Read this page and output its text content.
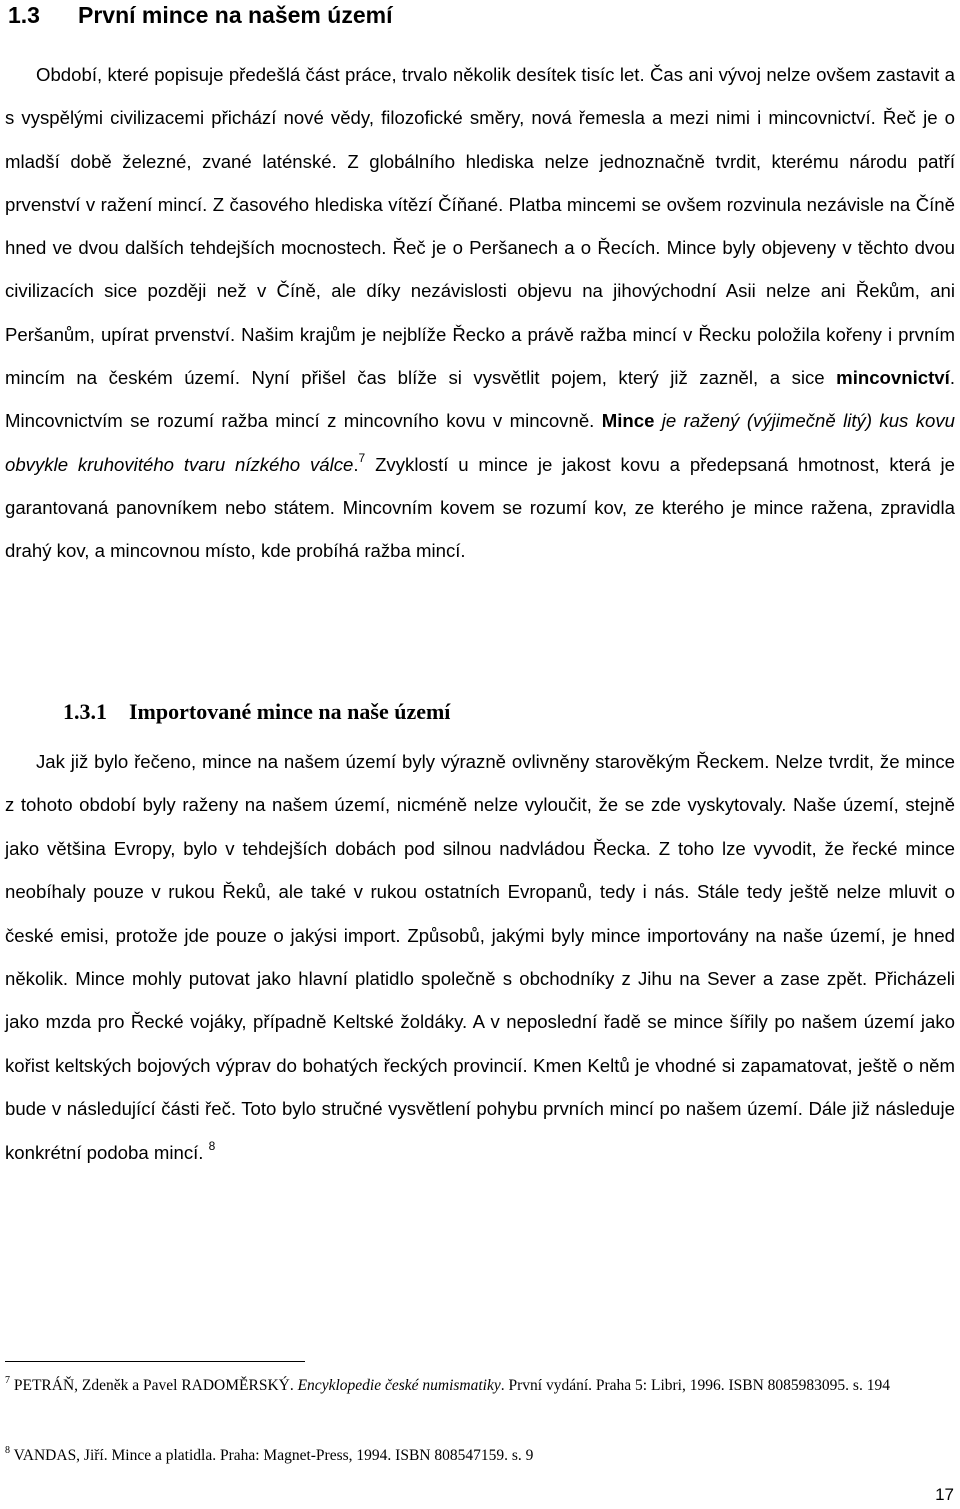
1.3 První mince na našem území

Období, které popisuje předešlá část práce, trvalo několik desítek tisíc let. Čas ani vývoj nelze ovšem zastavit a s vyspělými civilizacemi přichází nové vědy, filozofické směry, nová řemesla a mezi nimi i mincovnictví. Řeč je o mladší době železné, zvané laténské. Z globálního hlediska nelze jednoznačně tvrdit, kterému národu patří prvenství v ražení mincí. Z časového hlediska vítězí Číňané. Platba mincemi se ovšem rozvinula nezávisle na Číně hned ve dvou dalších tehdejších mocnostech. Řeč je o Peršanech a o Řecích. Mince byly objeveny v těchto dvou civilizacích sice později než v Číně, ale díky nezávislosti objevu na jihovýchodní Asii nelze ani Řekům, ani Peršanům, upírat prvenství. Našim krajům je nejblíže Řecko a právě ražba mincí v Řecku položila kořeny i prvním mincím na českém území. Nyní přišel čas blíže si vysvětlit pojem, který již zazněl, a sice mincovnictví. Mincovnictvím se rozumí ražba mincí z mincovního kovu v mincovně. Mince je ražený (výjimečně litý) kus kovu obvykle kruhovitého tvaru nízkého válce.$^7$ Zvyklostí u mince je jakost kovu a předepsaná hmotnost, která je garantovaná panovníkem nebo státem. Mincovním kovem se rozumí kov, ze kterého je mince ražena, zpravidla drahý kov, a mincovnou místo, kde probíhá ražba mincí.

1.3.1 Importované mince na naše území

Jak již bylo řečeno, mince na našem území byly výrazně ovlivněny starověkým Řeckem. Nelze tvrdit, že mince z tohoto období byly raženy na našem území, nicméně nelze vyloučit, že se zde vyskytovaly. Naše území, stejně jako většina Evropy, bylo v tehdejších dobách pod silnou nadvládou Řecka. Z toho lze vyvodit, že řecké mince neobíhaly pouze v rukou Řeků, ale také v rukou ostatních Evropanů, tedy i nás. Stále tedy ještě nelze mluvit o české emisi, protože jde pouze o jakýsi import. Způsobů, jakými byly mince importovány na naše území, je hned několik. Mince mohly putovat jako hlavní platidlo společně s obchodníky z Jihu na Sever a zase zpět. Přicházeli jako mzda pro Řecké vojáky, případně Keltské žoldáky. A v neposlední řadě se mince šířily po našem území jako kořist keltských bojových výprav do bohatých řeckých provincií. Kmen Keltů je vhodné si zapamatovat, ještě o něm bude v následující části řeč. Toto bylo stručné vysvětlení pohybu prvních mincí po našem území. Dále již následuje konkrétní podoba mincí. $^8$

$^7$ PETRÁŇ, Zdeněk a Pavel RADOMĚRSKÝ. Encyklopedie české numismatiky. První vydání. Praha 5: Libri, 1996. ISBN 8085983095. s. 194

$^8$ VANDAS, Jiří. Mince a platidla. Praha: Magnet-Press, 1994. ISBN 808547159. s. 9

17
